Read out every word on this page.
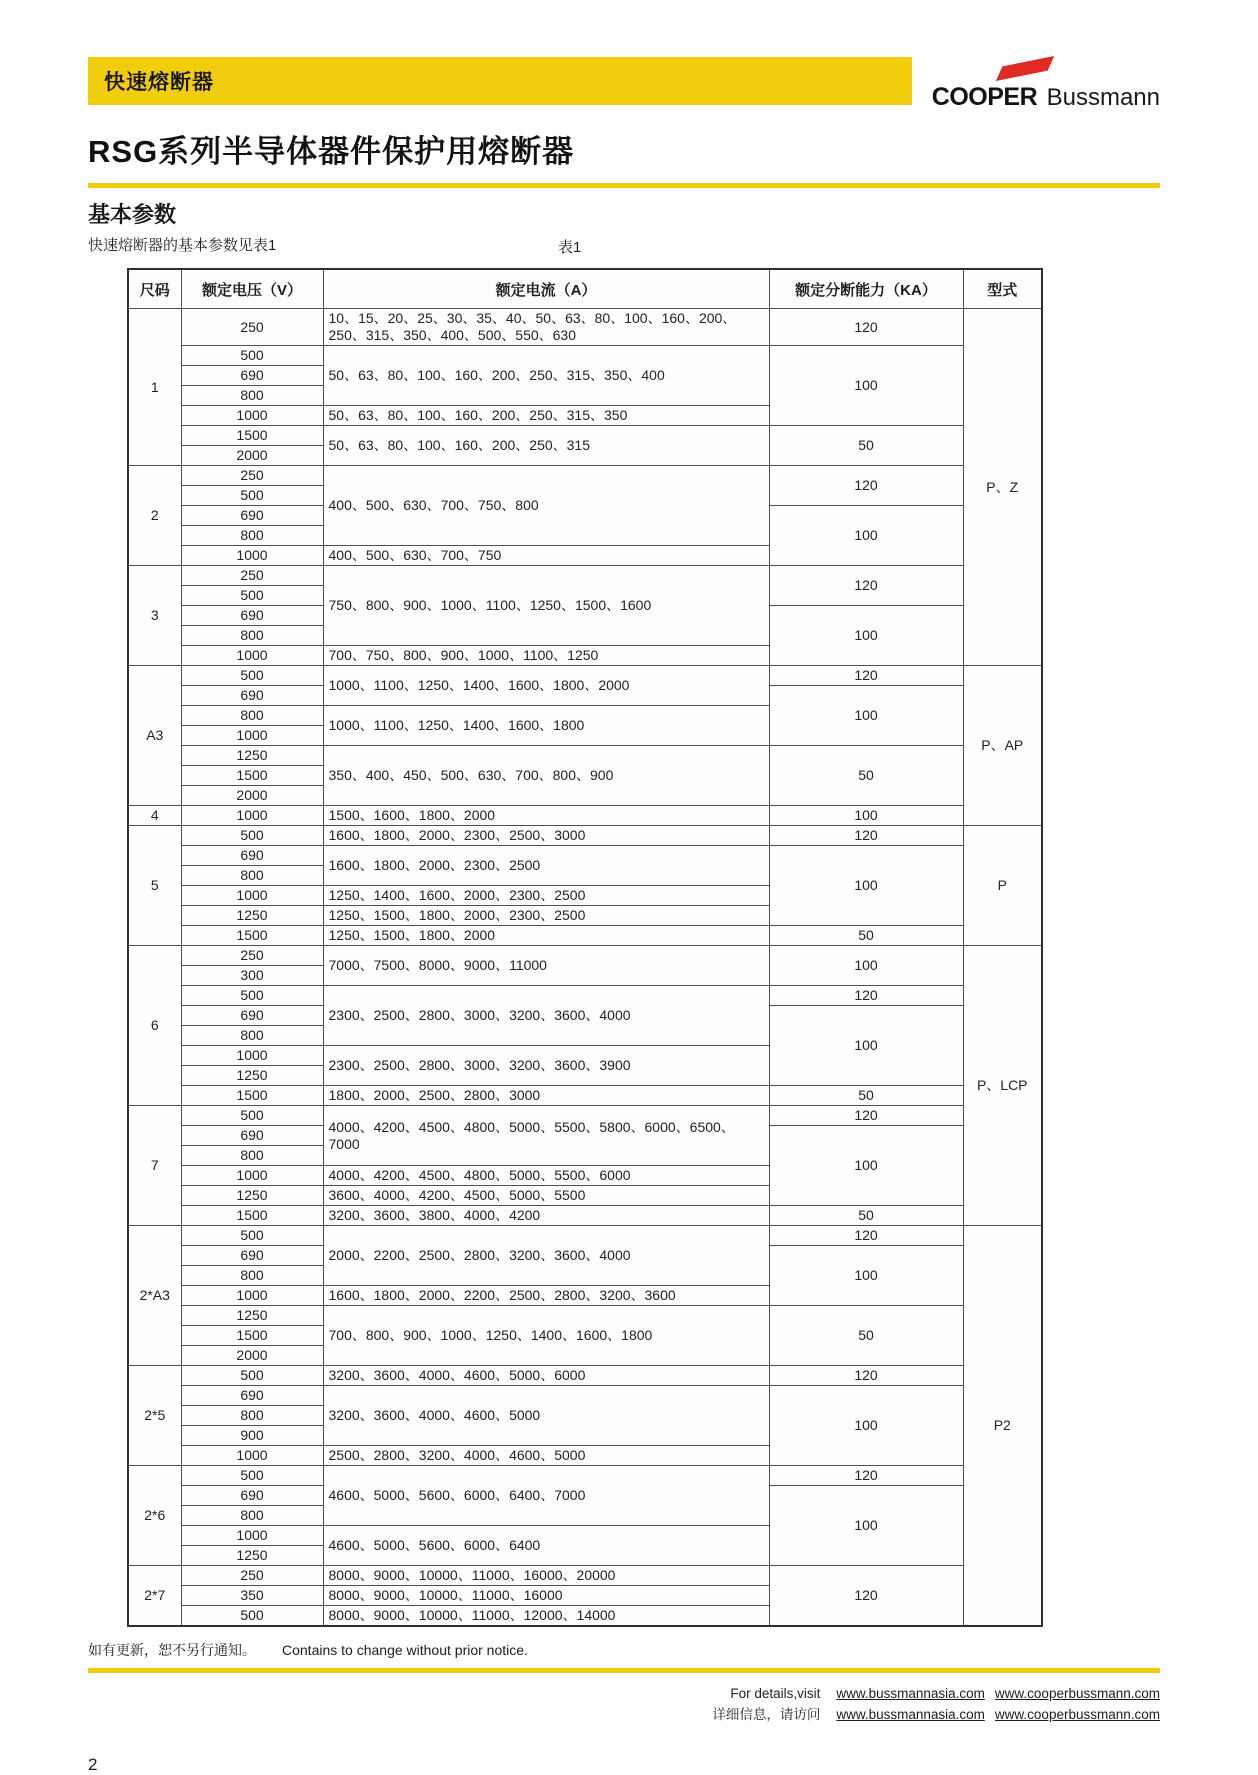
快速熔断器
COOPER Bussmann
RSG系列半导体器件保护用熔断器
基本参数
快速熔断器的基本参数见表1	表1
尺码	额定电压（V）	额定电流（A）	额定分断能力（KA）	型式
1	250	10、15、20、25、30、35、40、50、63、80、100、160、200、250、315、350、400、500、550、630	120	P、Z
	500	50、63、80、100、160、200、250、315、350、400	100	
	690			
	800			
	1000	50、63、80、100、160、200、250、315、350		
	1500	50、63、80、100、160、200、250、315	50	
	2000			
2	250	400、500、630、700、750、800	120	
	500			
	690		100	
	800			
	1000	400、500、630、700、750		
3	250	750、800、900、1000、1100、1250、1500、1600	120	
	500			
	690		100	
	800			
	1000	700、750、800、900、1000、1100、1250		
A3	500	1000、1100、1250、1400、1600、1800、2000	120	P、AP
	690		100	
	800	1000、1100、1250、1400、1600、1800		
	1000			
	1250	350、400、450、500、630、700、800、900	50	
	1500			
	2000			
4	1000	1500、1600、1800、2000	100	
5	500	1600、1800、2000、2300、2500、3000	120	P
	690	1600、1800、2000、2300、2500	100	
	800			
	1000	1250、1400、1600、2000、2300、2500		
	1250	1250、1500、1800、2000、2300、2500		
	1500	1250、1500、1800、2000	50	
6	250	7000、7500、8000、9000、11000	100	P、LCP
	300			
	500	2300、2500、2800、3000、3200、3600、4000	120	
	690		100	
	800			
	1000	2300、2500、2800、3000、3200、3600、3900		
	1250			
	1500	1800、2000、2500、2800、3000	50	
7	500	4000、4200、4500、4800、5000、5500、5800、6000、6500、7000	120	
	690		100	
	800			
	1000	4000、4200、4500、4800、5000、5500、6000		
	1250	3600、4000、4200、4500、5000、5500		
	1500	3200、3600、3800、4000、4200	50	
2*A3	500	2000、2200、2500、2800、3200、3600、4000	120	P2
	690		100	
	800			
	1000	1600、1800、2000、2200、2500、2800、3200、3600		
	1250	700、800、900、1000、1250、1400、1600、1800	50	
	1500			
	2000			
2*5	500	3200、3600、4000、4600、5000、6000	120	
	690	3200、3600、4000、4600、5000	100	
	800			
	900			
	1000	2500、2800、3200、4000、4600、5000		
2*6	500	4600、5000、5600、6000、6400、7000	120	
	690		100	
	800			
	1000	4600、5000、5600、6000、6400		
	1250			
2*7	250	8000、9000、10000、11000、16000、20000	120	
	350	8000、9000、10000、11000、16000		
	500	8000、9000、10000、11000、12000、14000		
如有更新，恕不另行通知。 Contains to change without prior notice.
For details,visit www.bussmannasia.com www.cooperbussmann.com
详细信息，请访问 www.bussmannasia.com www.cooperbussmann.com
2
